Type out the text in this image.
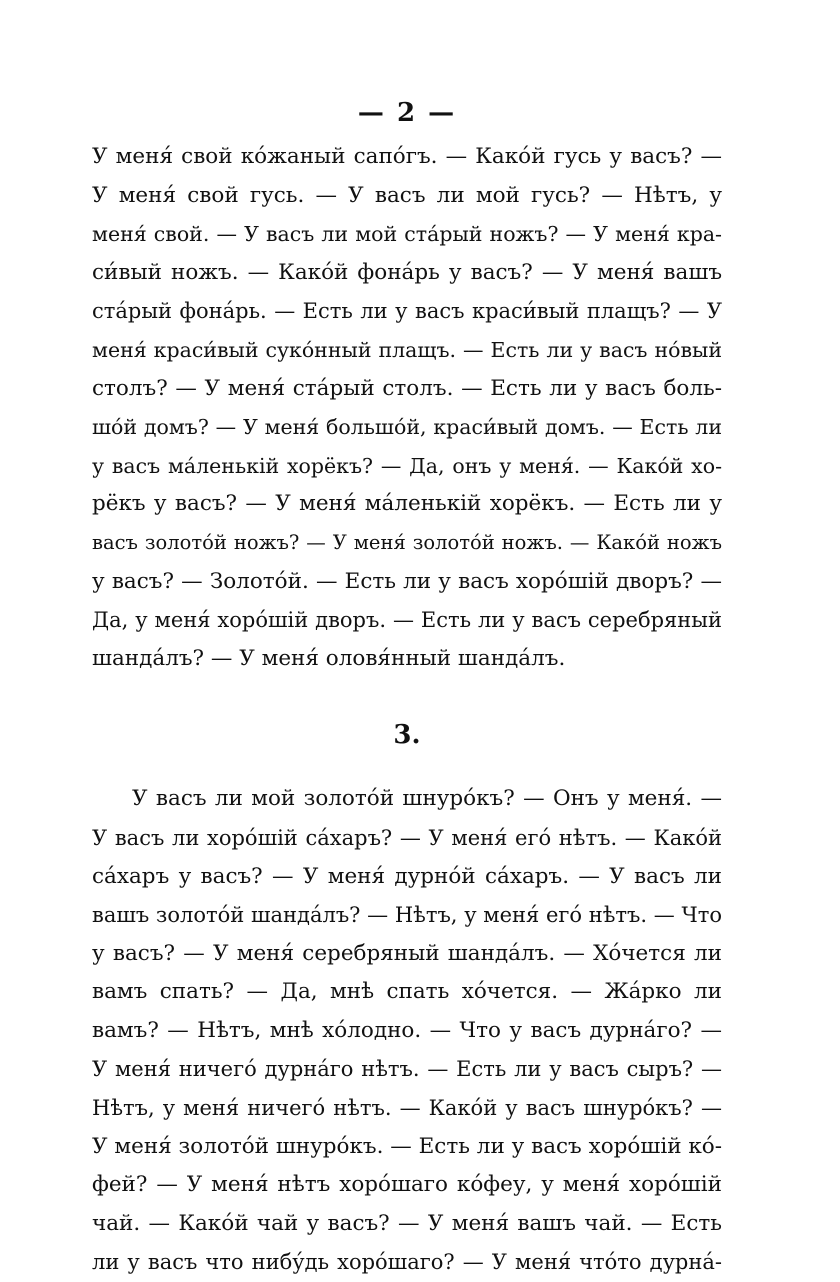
— 2 —
У меня́ свой ко́жаный сапо́гъ. — Како́й гусь у васъ? —
У меня́ свой гусь. — У васъ ли мой гусь? — Нѣтъ, у
меня́ свой. — У васъ ли мой ста́рый ножъ? — У меня́ кра-
си́вый ножъ. — Како́й фона́рь у васъ? — У меня́ вашъ
ста́рый фона́рь. — Есть ли у васъ краси́вый плащъ? — У
меня́ краси́вый суко́нный плащъ. — Есть ли у васъ но́вый
столъ? — У меня́ ста́рый столъ. — Есть ли у васъ боль-
шо́й домъ? — У меня́ большо́й, краси́вый домъ. — Есть ли
у васъ ма́ленькій хорёкъ? — Да, онъ у меня́. — Како́й хо-
рёкъ у васъ? — У меня́ ма́ленькій хорёкъ. — Есть ли у
васъ золото́й ножъ? — У меня́ золото́й ножъ. — Како́й ножъ
у васъ? — Золото́й. — Есть ли у васъ хоро́шій дворъ? —
Да, у меня́ хоро́шій дворъ. — Есть ли у васъ серебряный
шанда́лъ? — У меня́ оловя́нный шанда́лъ.
3.
У васъ ли мой золото́й шнуро́къ? — Онъ у меня́. —
У васъ ли хоро́шій са́харъ? — У меня́ его́ нѣтъ. — Како́й
са́харъ у васъ? — У меня́ дурно́й са́харъ. — У васъ ли
вашъ золото́й шанда́лъ? — Нѣтъ, у меня́ его́ нѣтъ. — Что
у васъ? — У меня́ серебряный шанда́лъ. — Хо́чется ли
вамъ спать? — Да, мнѣ спать хо́чется. — Жа́рко ли
вамъ? — Нѣтъ, мнѣ хо́лодно. — Что у васъ дурна́го? —
У меня́ ничего́ дурна́го нѣтъ. — Есть ли у васъ сыръ? —
Нѣтъ, у меня́ ничего́ нѣтъ. — Како́й у васъ шнуро́къ? —
У меня́ золото́й шнуро́къ. — Есть ли у васъ хоро́шій ко́-
фей? — У меня́ нѣтъ хоро́шаго ко́феу, у меня́ хоро́шій
чай. — Како́й чай у васъ? — У меня́ вашъ чай. — Есть
ли у васъ что нибу́дь хоро́шаго? — У меня́ что́то дурна́-
